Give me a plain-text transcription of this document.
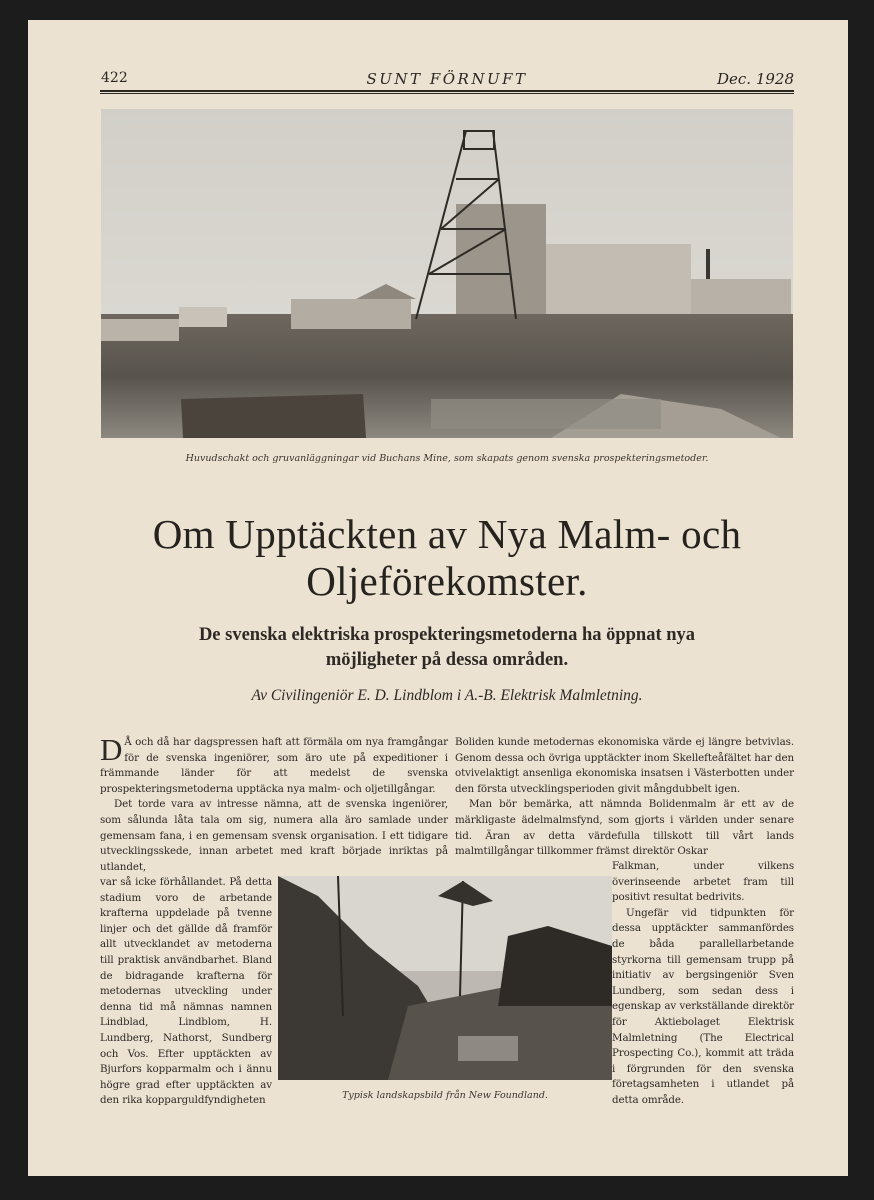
422	SUNT FÖRNUFT	Dec. 1928
Huvudschakt och gruvanläggningar vid Buchans Mine, som skapats genom svenska prospekteringsmetoder.
Om Upptäckten av Nya Malm- och
Oljeförekomster.
De svenska elektriska prospekteringsmetoderna ha öppnat nya
möjligheter på dessa områden.
Av Civilingeniör E. D. Lindblom i A.-B. Elektrisk Malmletning.

D Å och då har dagspressen haft att förmäla om nya framgångar för de svenska ingeniörer, som äro ute på expeditioner i främmande länder för att medelst de svenska prospekteringsmetoderna upptäcka nya malm- och oljetillgångar.

Det torde vara av intresse nämna, att de svenska ingeniörer, som sålunda låta tala om sig, numera alla äro samlade under gemensam fana, i en gemensam svensk organisation. I ett tidigare utvecklingsskede, innan arbetet med kraft började inriktas på utlandet,

var så icke förhållandet. På detta stadium voro de arbetande krafterna uppdelade på tvenne linjer och det gällde då framför allt utvecklandet av metoderna till praktisk användbarhet. Bland de bidragande krafterna för metodernas utveckling under denna tid må nämnas namnen Lindblad, Lindblom, H. Lundberg, Nathorst, Sundberg och Vos. Efter upptäckten av Bjurfors kopparmalm och i ännu högre grad efter upptäckten av den rika kopparguldfyndigheten

Boliden kunde metodernas ekonomiska värde ej längre betvivlas. Genom dessa och övriga upptäckter inom Skellefteåfältet har den otvivelaktigt ansenliga ekonomiska insatsen i Västerbotten under den första utvecklingsperioden givit mångdubbelt igen.

Man bör bemärka, att nämnda Bolidenmalm är ett av de märkligaste ädelmalmsfynd, som gjorts i världen under senare tid. Äran av detta värdefulla tillskott till vårt lands malmtillgångar tillkommer främst direktör Oskar

Falkman, under vilkens överinseende arbetet fram till positivt resultat bedrivits.

Ungefär vid tidpunkten för dessa upptäckter sammanfördes de båda parallellarbetande styrkorna till gemensam trupp på initiativ av bergsingeniör Sven Lundberg, som sedan dess i egenskap av verkställande direktör för Aktiebolaget Elektrisk Malmletning (The Electrical Prospecting Co.), kommit att träda i förgrunden för den svenska företagsamheten i utlandet på detta område.

Typisk landskapsbild från New Foundland.
